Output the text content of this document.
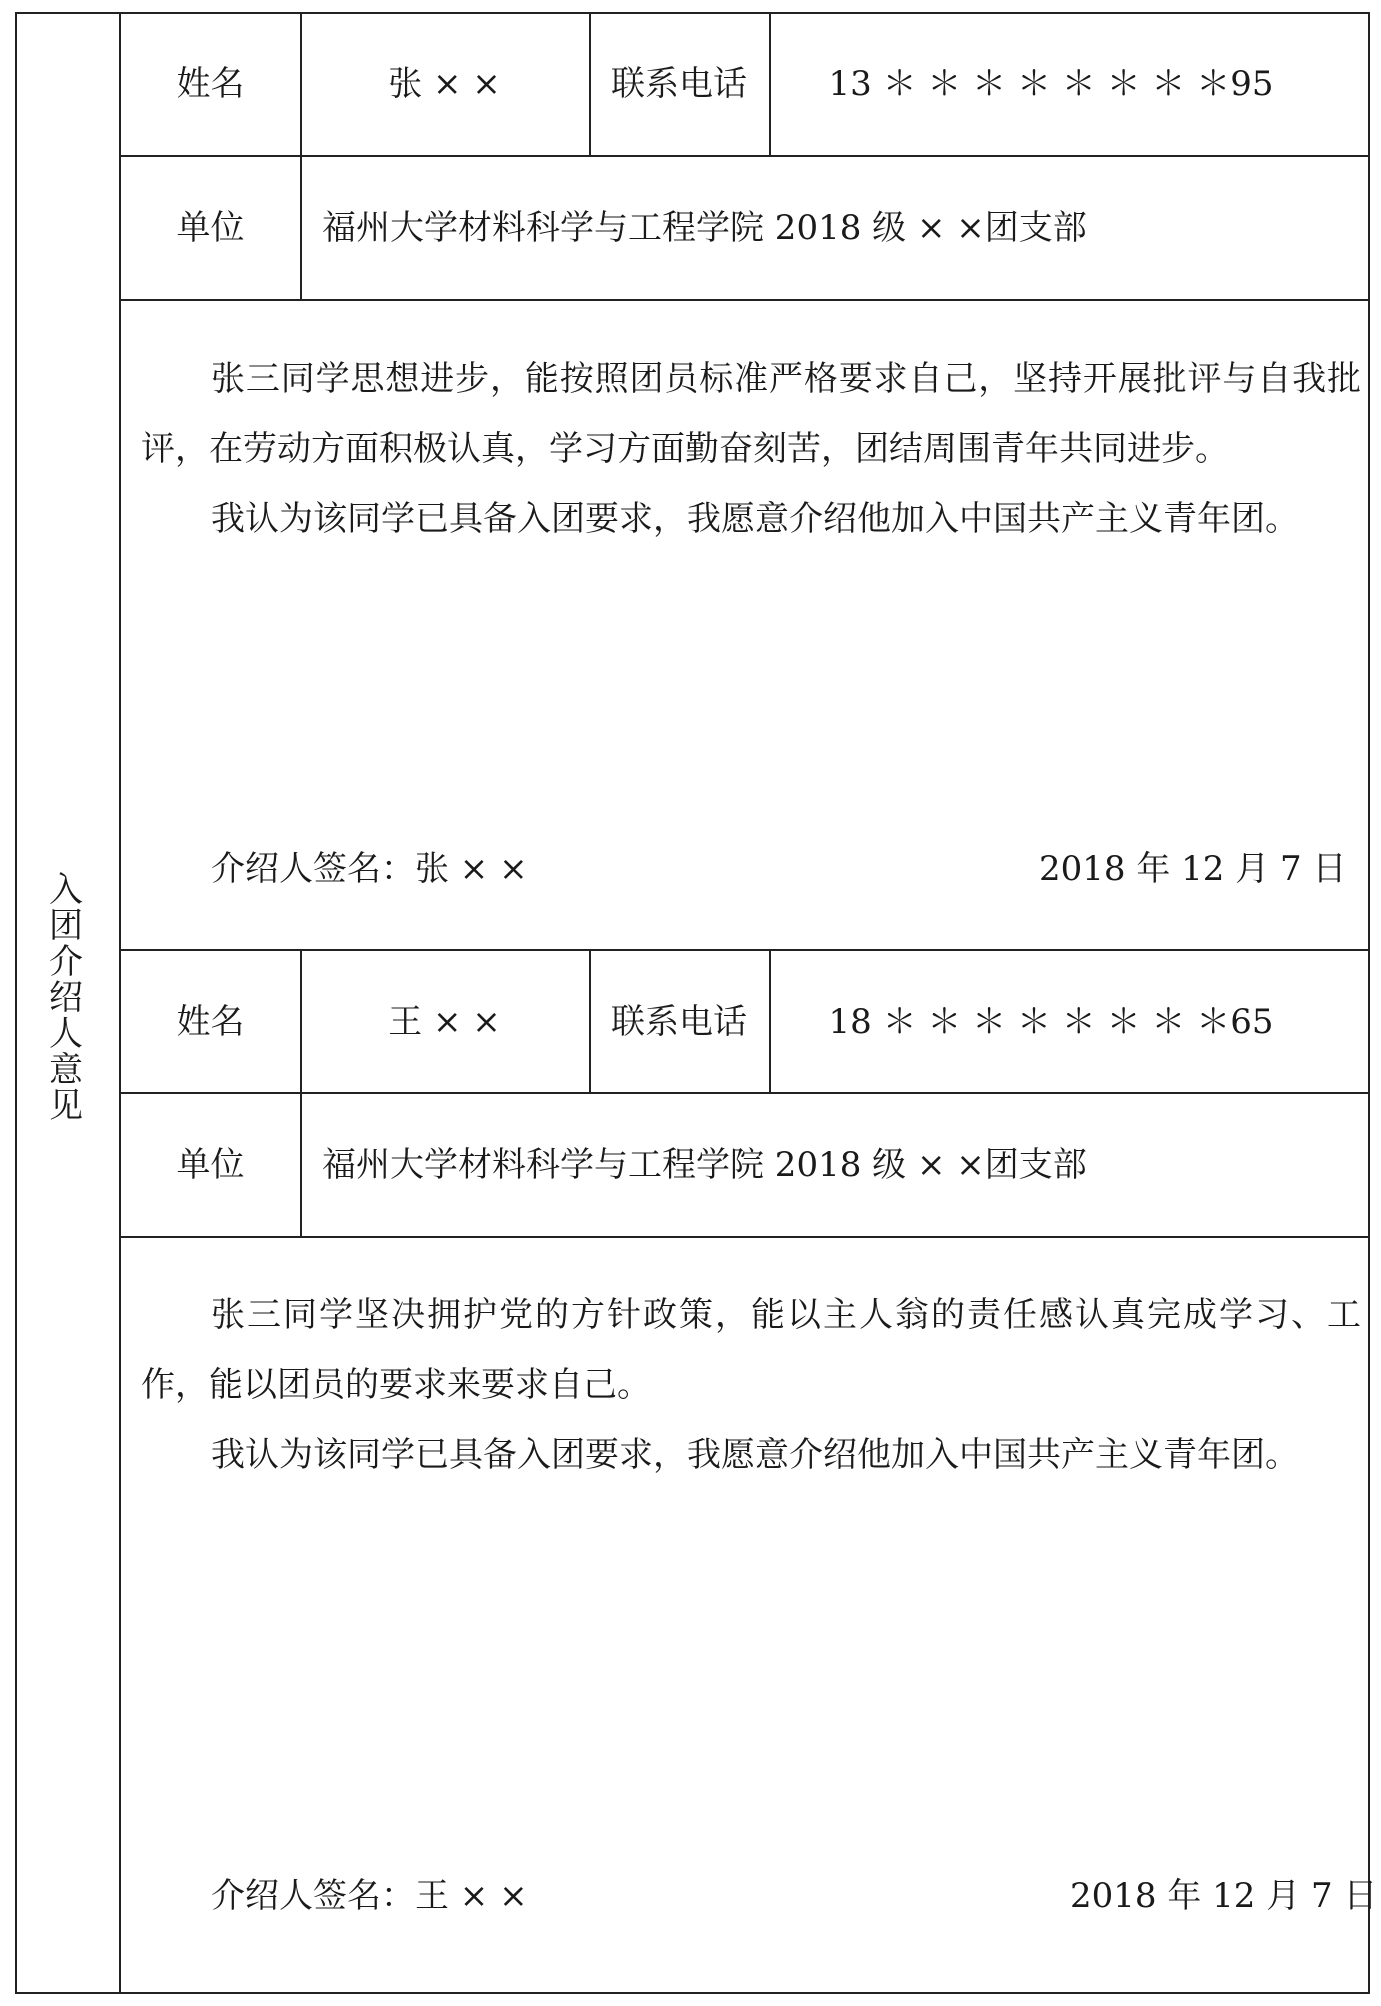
入
团
介
绍
人
意
见
姓名	张 × ×	联系电话	13 ＊ ＊ ＊ ＊ ＊ ＊ ＊ ＊95
单位	福州大学材料科学与工程学院 2018 级 × ×团支部

张三同学思想进步，能按照团员标准严格要求自己，坚持开展批评与自我批评，在劳动方面积极认真，学习方面勤奋刻苦，团结周围青年共同进步。

我认为该同学已具备入团要求，我愿意介绍他加入中国共产主义青年团。

介绍人签名：张 × ×	2018 年 12 月 7 日
姓名	王 × ×	联系电话	18 ＊ ＊ ＊ ＊ ＊ ＊ ＊ ＊65
单位	福州大学材料科学与工程学院 2018 级 × ×团支部

张三同学坚决拥护党的方针政策，能以主人翁的责任感认真完成学习、工作，能以团员的要求来要求自己。

我认为该同学已具备入团要求，我愿意介绍他加入中国共产主义青年团。

介绍人签名：王 × ×	2018 年 12 月 7 日
